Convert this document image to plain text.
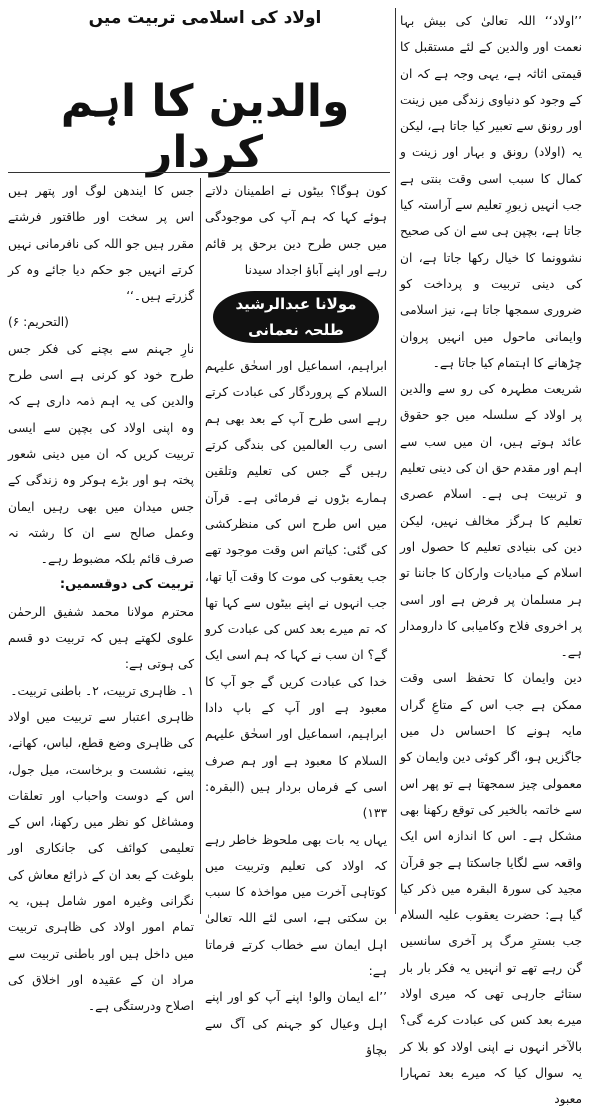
اولاد کی اسلامی تربیت میں
والدین کا اہم کردار

’’اولاد‘‘ اللہ تعالیٰ کی بیش بہا نعمت اور والدین کے لئے مستقبل کا قیمتی اثاثہ ہے، یہی وجہ ہے کہ ان کے وجود کو دنیاوی زندگی میں زینت اور رونق سے تعبیر کیا جاتا ہے، لیکن یہ (اولاد) رونق و بہار اور زینت و کمال کا سبب اسی وقت بنتی ہے جب انہیں زیورِ تعلیم سے آراستہ کیا جاتا ہے، بچپن ہی سے ان کی صحیح نشوونما کا خیال رکھا جاتا ہے، ان کی دینی تربیت و پرداخت کو ضروری سمجھا جاتا ہے، نیز اسلامی وایمانی ماحول میں انہیں پروان چڑھانے کا اہتمام کیا جاتا ہے۔

شریعت مطہرہ کی رو سے والدین پر اولاد کے سلسلہ میں جو حقوق عائد ہوتے ہیں، ان میں سب سے اہم اور مقدم حق ان کی دینی تعلیم و تربیت ہی ہے۔ اسلام عصری تعلیم کا ہرگز مخالف نہیں، لیکن دین کی بنیادی تعلیم کا حصول اور اسلام کے مبادیات وارکان کا جاننا تو ہر مسلمان پر فرض ہے اور اسی پر اخروی فلاح وکامیابی کا دارومدار ہے۔

دین وایمان کا تحفظ اسی وقت ممکن ہے جب اس کے متاعِ گراں مایہ ہونے کا احساس دل میں جاگزیں ہو، اگر کوئی دین وایمان کو معمولی چیز سمجھتا ہے تو پھر اس سے خاتمہ بالخیر کی توقع رکھنا بھی مشکل ہے۔ اس کا اندازہ اس ایک واقعہ سے لگایا جاسکتا ہے جو قرآن مجید کی سورۃ البقرہ میں ذکر کیا گیا ہے: حضرت یعقوب علیہ السلام جب بسترِ مرگ پر آخری سانسیں گن رہے تھے تو انہیں یہ فکر بار بار ستائے جارہی تھی کہ میری اولاد میرے بعد کس کی عبادت کرے گی؟ بالآخر انہوں نے اپنی اولاد کو بلا کر یہ سوال کیا کہ میرے بعد تمہارا معبود

کون ہوگا؟ بیٹوں نے اطمینان دلاتے ہوئے کہا کہ ہم آپ کی موجودگی میں جس طرح دین برحق پر قائم رہے اور اپنے آباؤ اجداد سیدنا

مولانا عبدالرشید طلحہ نعمانی

ابراہیم، اسماعیل اور اسحٰق علیہم السلام کے پروردگار کی عبادت کرتے رہے اسی طرح آپ کے بعد بھی ہم اسی رب العالمین کی بندگی کرتے رہیں گے جس کی تعلیم وتلقین ہمارے بڑوں نے فرمائی ہے۔ قرآن میں اس طرح اس کی منظرکشی کی گئی: کیاتم اس وقت موجود تھے جب یعقوب کی موت کا وقت آیا تھا، جب انہوں نے اپنے بیٹوں سے کہا تھا کہ تم میرے بعد کس کی عبادت کرو گے؟ ان سب نے کہا کہ ہم اسی ایک خدا کی عبادت کریں گے جو آپ کا معبود ہے اور آپ کے باپ دادا ابراہیم، اسماعیل اور اسحٰق علیہم السلام کا معبود ہے اور ہم صرف اسی کے فرماں بردار ہیں (البقرہ: ۱۳۳)

یہاں یہ بات بھی ملحوظ خاطر رہے کہ اولاد کی تعلیم وتربیت میں کوتاہی آخرت میں مواخذہ کا سبب بن سکتی ہے، اسی لئے اللہ تعالیٰ اہل ایمان سے خطاب کرتے فرماتا ہے:

’’اے ایمان والو! اپنے آپ کو اور اپنے اہل وعیال کو جہنم کی آگ سے بچاؤ

جس کا ایندھن لوگ اور پتھر ہیں اس پر سخت اور طاقتور فرشتے مقرر ہیں جو اللہ کی نافرمانی نہیں کرتے انہیں جو حکم دیا جائے وہ کر گزرتے ہیں۔‘‘

(التحریم: ۶)

نارِ جہنم سے بچنے کی فکر جس طرح خود کو کرنی ہے اسی طرح والدین کی یہ اہم ذمہ داری ہے کہ وہ اپنی اولاد کی بچپن سے ایسی تربیت کریں کہ ان میں دینی شعور پختہ ہو اور بڑے ہوکر وہ زندگی کے جس میدان میں بھی رہیں ایمان وعمل صالح سے ان کا رشتہ نہ صرف قائم بلکہ مضبوط رہے۔

تربیت کی دوقسمیں:

محترم مولانا محمد شفیق الرحمٰن علوی لکھتے ہیں کہ تربیت دو قسم کی ہوتی ہے:

۱۔ ظاہری تربیت، ۲۔ باطنی تربیت۔

ظاہری اعتبار سے تربیت میں اولاد کی ظاہری وضع قطع، لباس، کھانے، پینے، نشست و برخاست، میل جول، اس کے دوست واحباب اور تعلقات ومشاغل کو نظر میں رکھنا، اس کے تعلیمی کوائف کی جانکاری اور بلوغت کے بعد ان کے ذرائع معاش کی نگرانی وغیرہ امور شامل ہیں، یہ تمام امور اولاد کی ظاہری تربیت میں داخل ہیں اور باطنی تربیت سے مراد ان کے عقیدہ اور اخلاق کی اصلاح ودرستگی ہے۔
